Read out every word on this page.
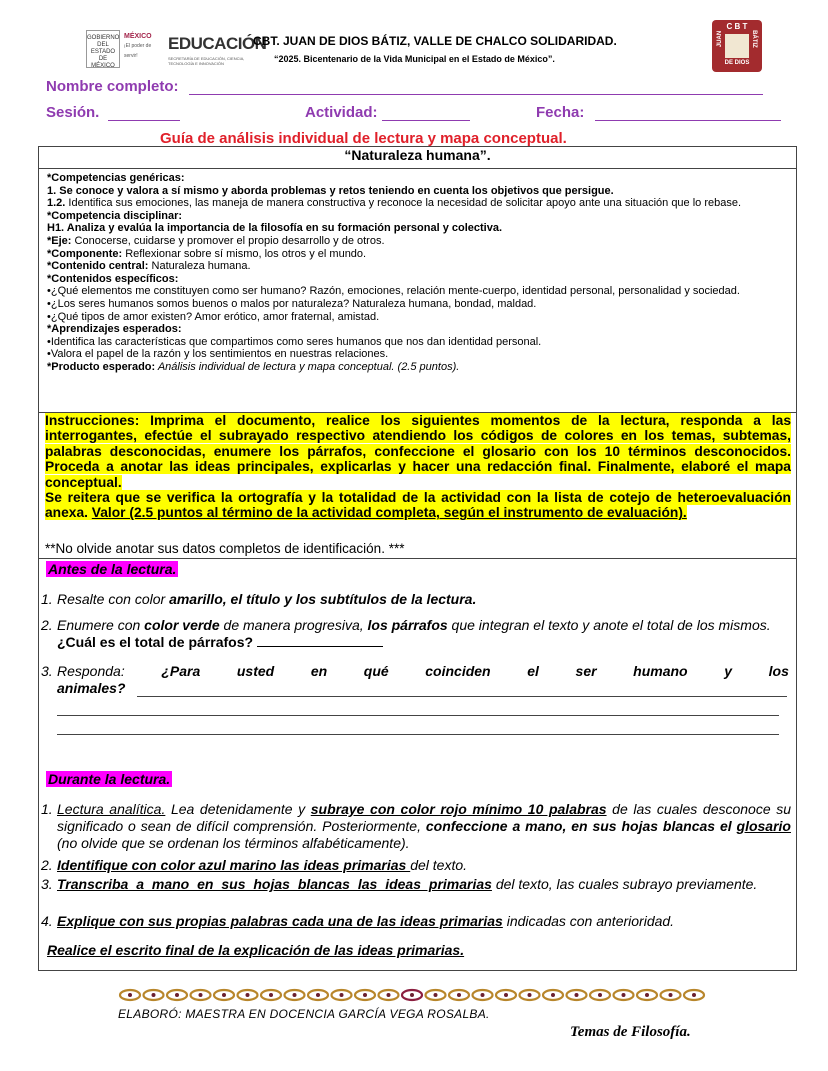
GOBIERNO DEL ESTADO DE MÉXICO
MÉXICO
¡El poder de servir!
EDUCACIÓN
SECRETARÍA DE EDUCACIÓN, CIENCIA, TECNOLOGÍA E INNOVACIÓN
CBT. JUAN DE DIOS BÁTIZ, VALLE DE CHALCO SOLIDARIDAD.
“2025. Bicentenario de la Vida Municipal en el Estado de México”.
C B T
JUAN	BÁTIZ
DE DIOS
Nombre completo:
Sesión.	Actividad:	Fecha:
Guía de análisis individual de lectura y mapa conceptual.
“Naturaleza humana”.

*Competencias genéricas:

1. Se conoce y valora a sí mismo y aborda problemas y retos teniendo en cuenta los objetivos que persigue.

1.2. Identifica sus emociones, las maneja de manera constructiva y reconoce la necesidad de solicitar apoyo ante una situación que lo rebase.

*Competencia disciplinar:

H1. Analiza y evalúa la importancia de la filosofía en su formación personal y colectiva.

*Eje: Conocerse, cuidarse y promover el propio desarrollo y de otros.

*Componente: Reflexionar sobre sí mismo, los otros y el mundo.

*Contenido central: Naturaleza humana.

*Contenidos específicos:

•¿Qué elementos me constituyen como ser humano? Razón, emociones, relación mente-cuerpo, identidad personal, personalidad y sociedad.

•¿Los seres humanos somos buenos o malos por naturaleza? Naturaleza humana, bondad, maldad.

•¿Qué tipos de amor existen? Amor erótico, amor fraternal, amistad.

*Aprendizajes esperados:

•Identifica las características que compartimos como seres humanos que nos dan identidad personal.

•Valora el papel de la razón y los sentimientos en nuestras relaciones.

*Producto esperado: Análisis individual de lectura y mapa conceptual. (2.5 puntos).

Instrucciones: Imprima el documento, realice los siguientes momentos de la lectura, responda a las interrogantes, efectúe el subrayado respectivo atendiendo los códigos de colores en los temas, subtemas, palabras desconocidas, enumere los párrafos, confeccione el glosario con los 10 términos desconocidos. Proceda a anotar las ideas principales, explicarlas y hacer una redacción final. Finalmente, elaboré el mapa conceptual.
Se reitera que se verifica la ortografía y la totalidad de la actividad con la lista de cotejo de heteroevaluación anexa. Valor (2.5 puntos al término de la actividad completa, según el instrumento de evaluación).
**No olvide anotar sus datos completos de identificación. ***
Antes de la lectura.
1. Resalte con color amarillo, el título y los subtítulos de la lectura.
2. Enumere con color verde de manera progresiva, los párrafos que integran el texto y anote el total de los mismos. ¿Cuál es el total de párrafos?
3. Responda:	¿Para	usted	en	qué	coinciden	el	ser	humano	y	los
animales?
Durante la lectura.
1. Lectura analítica. Lea detenidamente y subraye con color rojo mínimo 10 palabras de las cuales desconoce su significado o sean de difícil comprensión. Posteriormente, confeccione a mano, en sus hojas blancas el glosario (no olvide que se ordenan los términos alfabéticamente).
2. Identifique con color azul marino las ideas primarias del texto.
3. Transcriba a mano en sus hojas blancas las ideas primarias del texto, las cuales subrayo previamente.
4. Explique con sus propias palabras cada una de las ideas primarias indicadas con anterioridad.
Realice el escrito final de la explicación de las ideas primarias.
ELABORÓ: MAESTRA EN DOCENCIA GARCÍA VEGA ROSALBA.
Temas de Filosofía.
